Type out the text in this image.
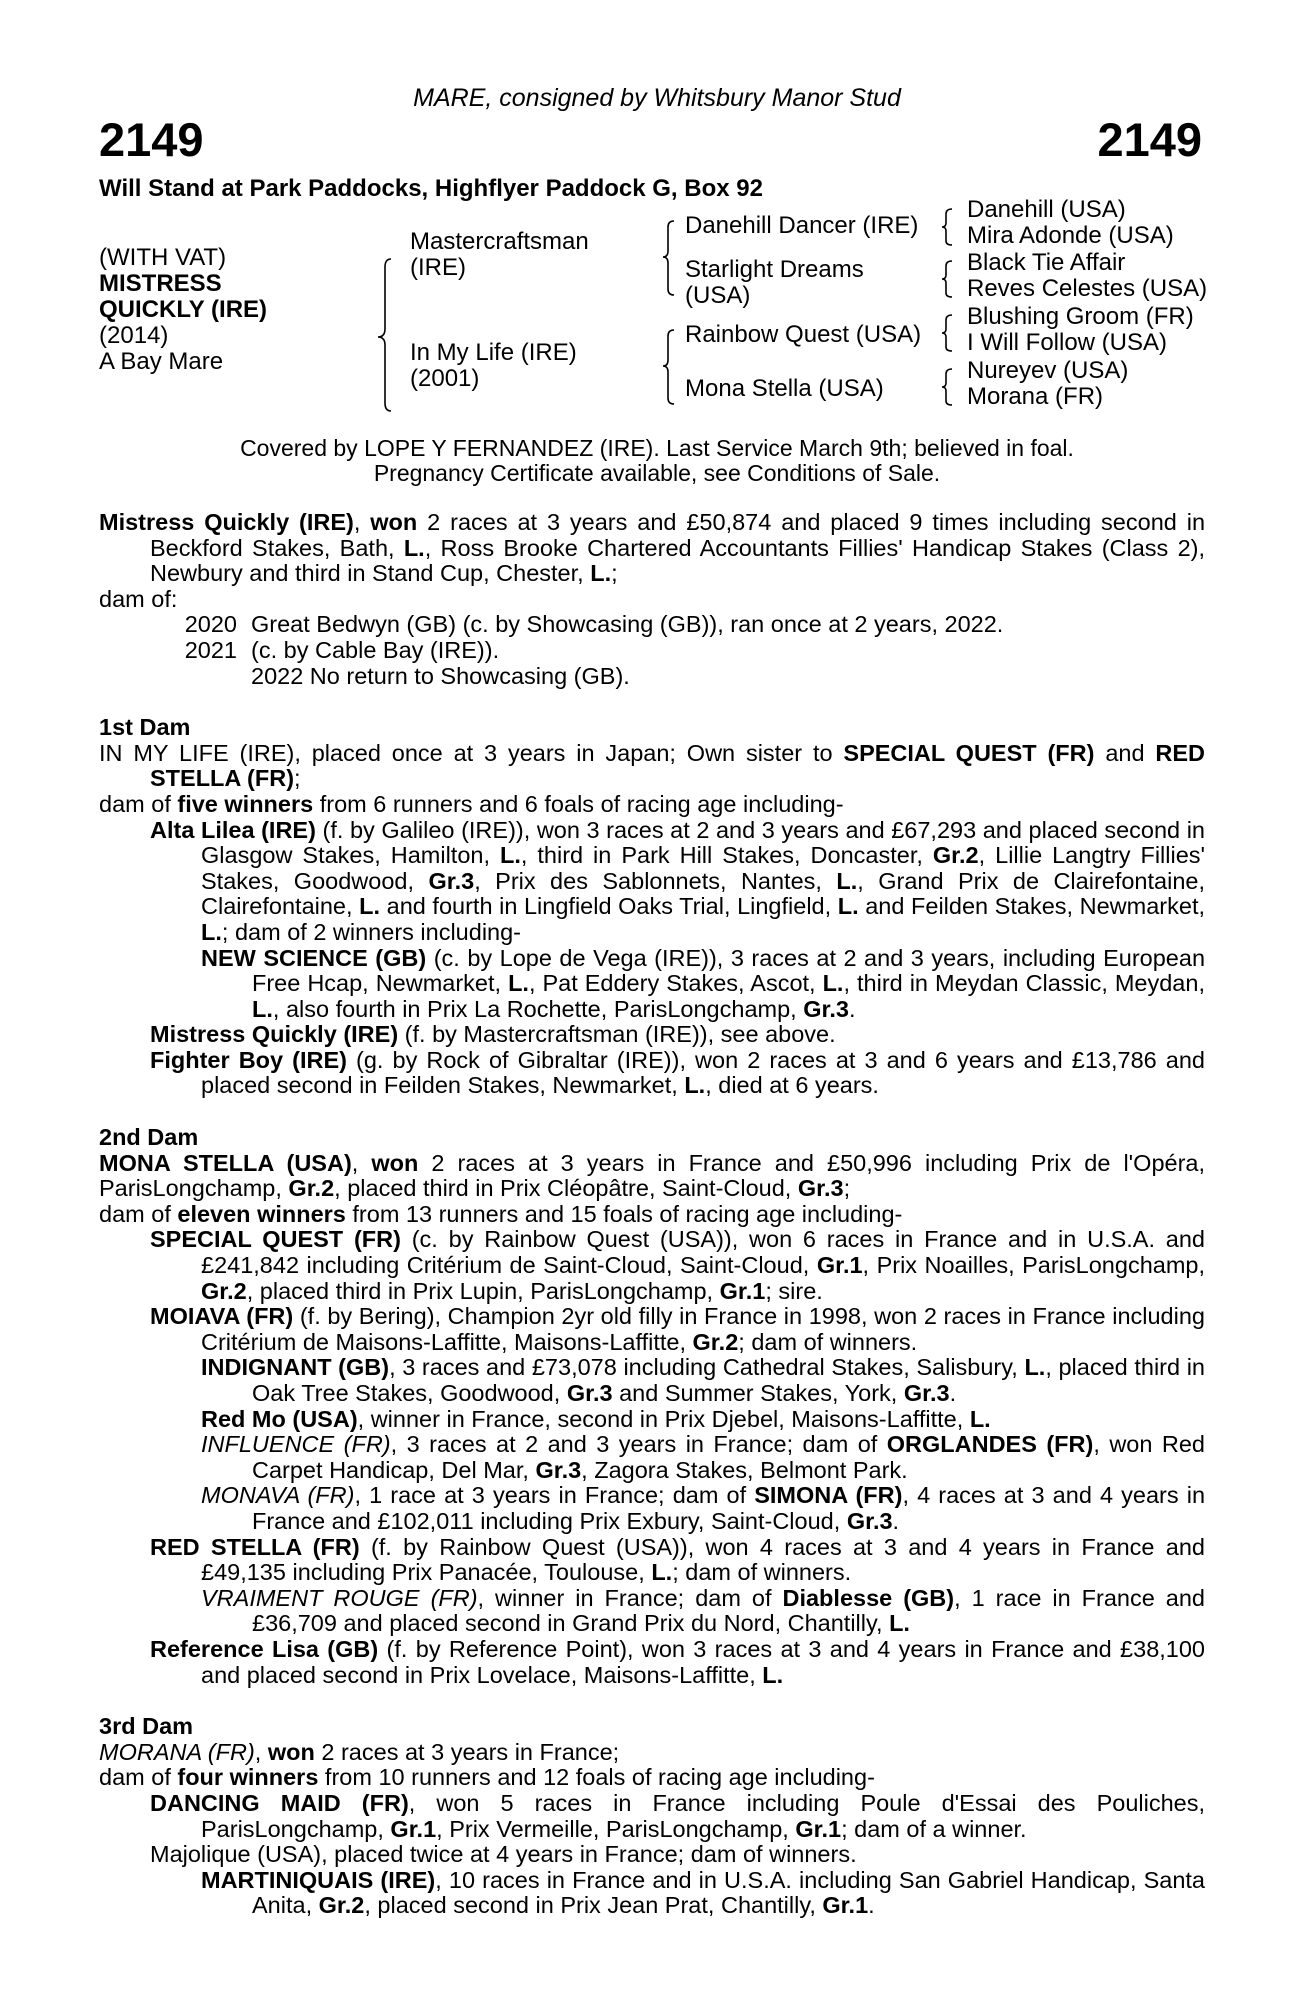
MARE, consigned by Whitsbury Manor Stud
2149	2149
Will Stand at Park Paddocks, Highflyer Paddock G, Box 92
(WITH VAT)
MISTRESS
QUICKLY (IRE)
(2014)
A Bay Mare
Mastercraftsman
(IRE)
In My Life (IRE)
(2001)
Danehill Dancer (IRE)
Starlight Dreams
(USA)
Rainbow Quest (USA)
Mona Stella (USA)
Danehill (USA)
Mira Adonde (USA)
Black Tie Affair
Reves Celestes (USA)
Blushing Groom (FR)
I Will Follow (USA)
Nureyev (USA)
Morana (FR)
Covered by LOPE Y FERNANDEZ (IRE). Last Service March 9th; believed in foal.
Pregnancy Certificate available, see Conditions of Sale.

Mistress Quickly (IRE), won 2 races at 3 years and £50,874 and placed 9 times including second in Beckford Stakes, Bath, L., Ross Brooke Chartered Accountants Fillies' Handicap Stakes (Class 2), Newbury and third in Stand Cup, Chester, L.;

dam of:

2020 Great Bedwyn (GB) (c. by Showcasing (GB)), ran once at 2 years, 2022.
2021 (c. by Cable Bay (IRE)).
2022 No return to Showcasing (GB).

1st Dam

IN MY LIFE (IRE), placed once at 3 years in Japan; Own sister to SPECIAL QUEST (FR) and RED STELLA (FR);

dam of five winners from 6 runners and 6 foals of racing age including-

Alta Lilea (IRE) (f. by Galileo (IRE)), won 3 races at 2 and 3 years and £67,293 and placed second in Glasgow Stakes, Hamilton, L., third in Park Hill Stakes, Doncaster, Gr.2, Lillie Langtry Fillies' Stakes, Goodwood, Gr.3, Prix des Sablonnets, Nantes, L., Grand Prix de Clairefontaine, Clairefontaine, L. and fourth in Lingfield Oaks Trial, Lingfield, L. and Feilden Stakes, Newmarket, L.; dam of 2 winners including-

NEW SCIENCE (GB) (c. by Lope de Vega (IRE)), 3 races at 2 and 3 years, including European Free Hcap, Newmarket, L., Pat Eddery Stakes, Ascot, L., third in Meydan Classic, Meydan, L., also fourth in Prix La Rochette, ParisLongchamp, Gr.3.

Mistress Quickly (IRE) (f. by Mastercraftsman (IRE)), see above.

Fighter Boy (IRE) (g. by Rock of Gibraltar (IRE)), won 2 races at 3 and 6 years and £13,786 and placed second in Feilden Stakes, Newmarket, L., died at 6 years.

2nd Dam

MONA STELLA (USA), won 2 races at 3 years in France and £50,996 including Prix de l'Opéra, ParisLongchamp, Gr.2, placed third in Prix Cléopâtre, Saint-Cloud, Gr.3;

dam of eleven winners from 13 runners and 15 foals of racing age including-

SPECIAL QUEST (FR) (c. by Rainbow Quest (USA)), won 6 races in France and in U.S.A. and £241,842 including Critérium de Saint-Cloud, Saint-Cloud, Gr.1, Prix Noailles, ParisLongchamp, Gr.2, placed third in Prix Lupin, ParisLongchamp, Gr.1; sire.

MOIAVA (FR) (f. by Bering), Champion 2yr old filly in France in 1998, won 2 races in France including Critérium de Maisons-Laffitte, Maisons-Laffitte, Gr.2; dam of winners.

INDIGNANT (GB), 3 races and £73,078 including Cathedral Stakes, Salisbury, L., placed third in Oak Tree Stakes, Goodwood, Gr.3 and Summer Stakes, York, Gr.3.

Red Mo (USA), winner in France, second in Prix Djebel, Maisons-Laffitte, L.

INFLUENCE (FR), 3 races at 2 and 3 years in France; dam of ORGLANDES (FR), won Red Carpet Handicap, Del Mar, Gr.3, Zagora Stakes, Belmont Park.

MONAVA (FR), 1 race at 3 years in France; dam of SIMONA (FR), 4 races at 3 and 4 years in France and £102,011 including Prix Exbury, Saint-Cloud, Gr.3.

RED STELLA (FR) (f. by Rainbow Quest (USA)), won 4 races at 3 and 4 years in France and £49,135 including Prix Panacée, Toulouse, L.; dam of winners.

VRAIMENT ROUGE (FR), winner in France; dam of Diablesse (GB), 1 race in France and £36,709 and placed second in Grand Prix du Nord, Chantilly, L.

Reference Lisa (GB) (f. by Reference Point), won 3 races at 3 and 4 years in France and £38,100 and placed second in Prix Lovelace, Maisons-Laffitte, L.

3rd Dam

MORANA (FR), won 2 races at 3 years in France;

dam of four winners from 10 runners and 12 foals of racing age including-

DANCING MAID (FR), won 5 races in France including Poule d'Essai des Pouliches, ParisLongchamp, Gr.1, Prix Vermeille, ParisLongchamp, Gr.1; dam of a winner.

Majolique (USA), placed twice at 4 years in France; dam of winners.

MARTINIQUAIS (IRE), 10 races in France and in U.S.A. including San Gabriel Handicap, Santa Anita, Gr.2, placed second in Prix Jean Prat, Chantilly, Gr.1.
